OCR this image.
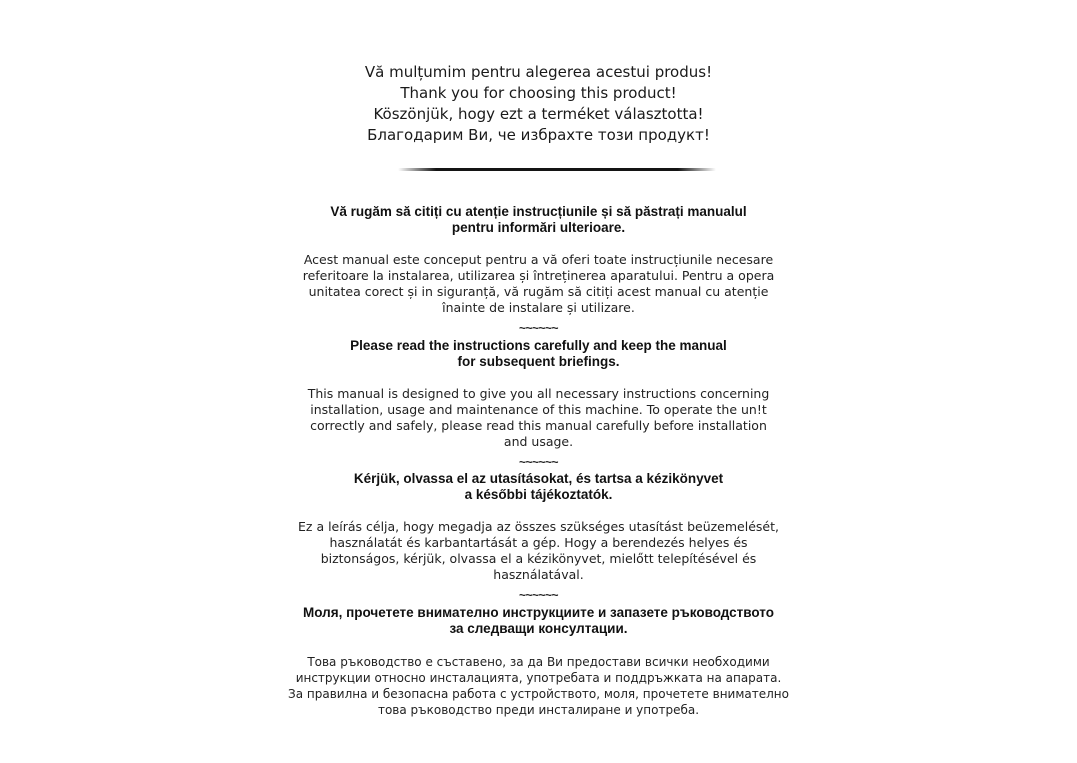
Vă mulțumim pentru alegerea acestui produs!
Thank you for choosing this product!
Köszönjük, hogy ezt a terméket választotta!
Благодарим Ви, че избрахте този продукт!
Vă rugăm să citiți cu atenție instrucțiunile și să păstrați manualul
pentru informări ulterioare.
Acest manual este conceput pentru a vă oferi toate instrucțiunile necesare
referitoare la instalarea, utilizarea și întreținerea aparatului. Pentru a opera
unitatea corect și in siguranță, vă rugăm să citiți acest manual cu atenție
înainte de instalare și utilizare.
~~~~~~
Please read the instructions carefully and keep the manual
for subsequent briefings.
This manual is designed to give you all necessary instructions concerning
installation, usage and maintenance of this machine. To operate the un!t
correctly and safely, please read this manual carefully before installation
and usage.
~~~~~~
Kérjük, olvassa el az utasításokat, és tartsa a kézikönyvet
a későbbi tájékoztatók.
Ez a leírás célja, hogy megadja az összes szükséges utasítást beüzemelését,
használatát és karbantartását a gép. Hogy a berendezés helyes és
biztonságos, kérjük, olvassa el a kézikönyvet, mielőtt telepítésével és
használatával.
~~~~~~
Моля, прочетете внимателно инструкциите и запазете ръководството
за следващи консултации.
Това ръководство е съставено, за да Ви предостави всички необходими
инструкции относно инсталацията, употребата и поддръжката на апарата.
За правилна и безопасна работа с устройството, моля, прочетете внимателно
това ръководство преди инсталиране и употреба.
